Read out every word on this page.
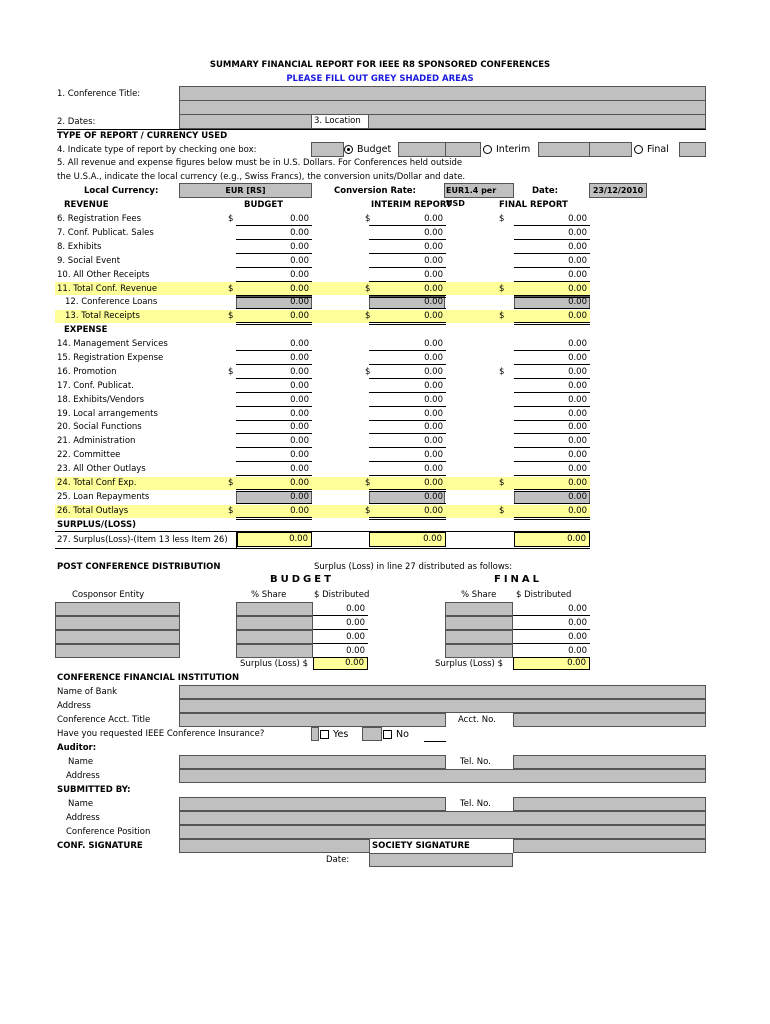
SUMMARY FINANCIAL REPORT FOR IEEE R8 SPONSORED CONFERENCES
PLEASE FILL OUT GREY SHADED AREAS
1. Conference Title:
2. Dates:	3. Location
TYPE OF REPORT / CURRENCY USED
4. Indicate type of report by checking one box:	Budget	Interim	Final
5. All revenue and expense figures below must be in U.S. Dollars. For Conferences held outside
the U.S.A., indicate the local currency (e.g., Swiss Francs), the conversion units/Dollar and date.
Local Currency:	EUR [RS]	Conversion Rate:	EUR1.4 per USD
Date:	23/12/2010
REVENUE	BUDGET	INTERIM REPORT	FINAL REPORT
EXPENSE
SURPLUS/(LOSS)
6. Registration Fees	$	0.00	$	0.00	$	0.00
7. Conf. Publicat. Sales	0.00	0.00	0.00
8. Exhibits	0.00	0.00	0.00
9. Social Event	0.00	0.00	0.00
10. All Other Receipts	0.00	0.00	0.00
11. Total Conf. Revenue	$	0.00	$	0.00	$	0.00
12. Conference Loans	0.00	0.00	0.00
13. Total Receipts	$	0.00	$	0.00	$	0.00
14. Management Services	0.00	0.00	0.00
15. Registration Expense	0.00	0.00	0.00
16. Promotion	$	0.00	$	0.00	$	0.00
17. Conf. Publicat.	0.00	0.00	0.00
18. Exhibits/Vendors	0.00	0.00	0.00
19. Local arrangements	0.00	0.00	0.00
20. Social Functions	0.00	0.00	0.00
21. Administration	0.00	0.00	0.00
22. Committee	0.00	0.00	0.00
23. All Other Outlays	0.00	0.00	0.00
24. Total Conf Exp.	$	0.00	$	0.00	$	0.00
25. Loan Repayments	0.00	0.00	0.00
26. Total Outlays	$	0.00	$	0.00	$	0.00
27. Surplus(Loss)-(Item 13 less Item 26)	0.00	0.00	0.00
POST CONFERENCE DISTRIBUTION	Surplus (Loss) in line 27 distributed as follows:
BUDGET	FINAL
Cosponsor Entity	% Share	$ Distributed	% Share $ Distributed
0.00	0.00
0.00	0.00
0.00	0.00
0.00	0.00
Surplus (Loss) $	0.00	Surplus (Loss) $	0.00
CONFERENCE FINANCIAL INSTITUTION
Name of Bank
Address
Conference Acct. Title	Acct. No.
Have you requested IEEE Conference Insurance?	Yes	No
Auditor:
Name	Tel. No.
Address
SUBMITTED BY:
Name	Tel. No.
Address
Conference Position
CONF. SIGNATURE	SOCIETY SIGNATURE
Date:
